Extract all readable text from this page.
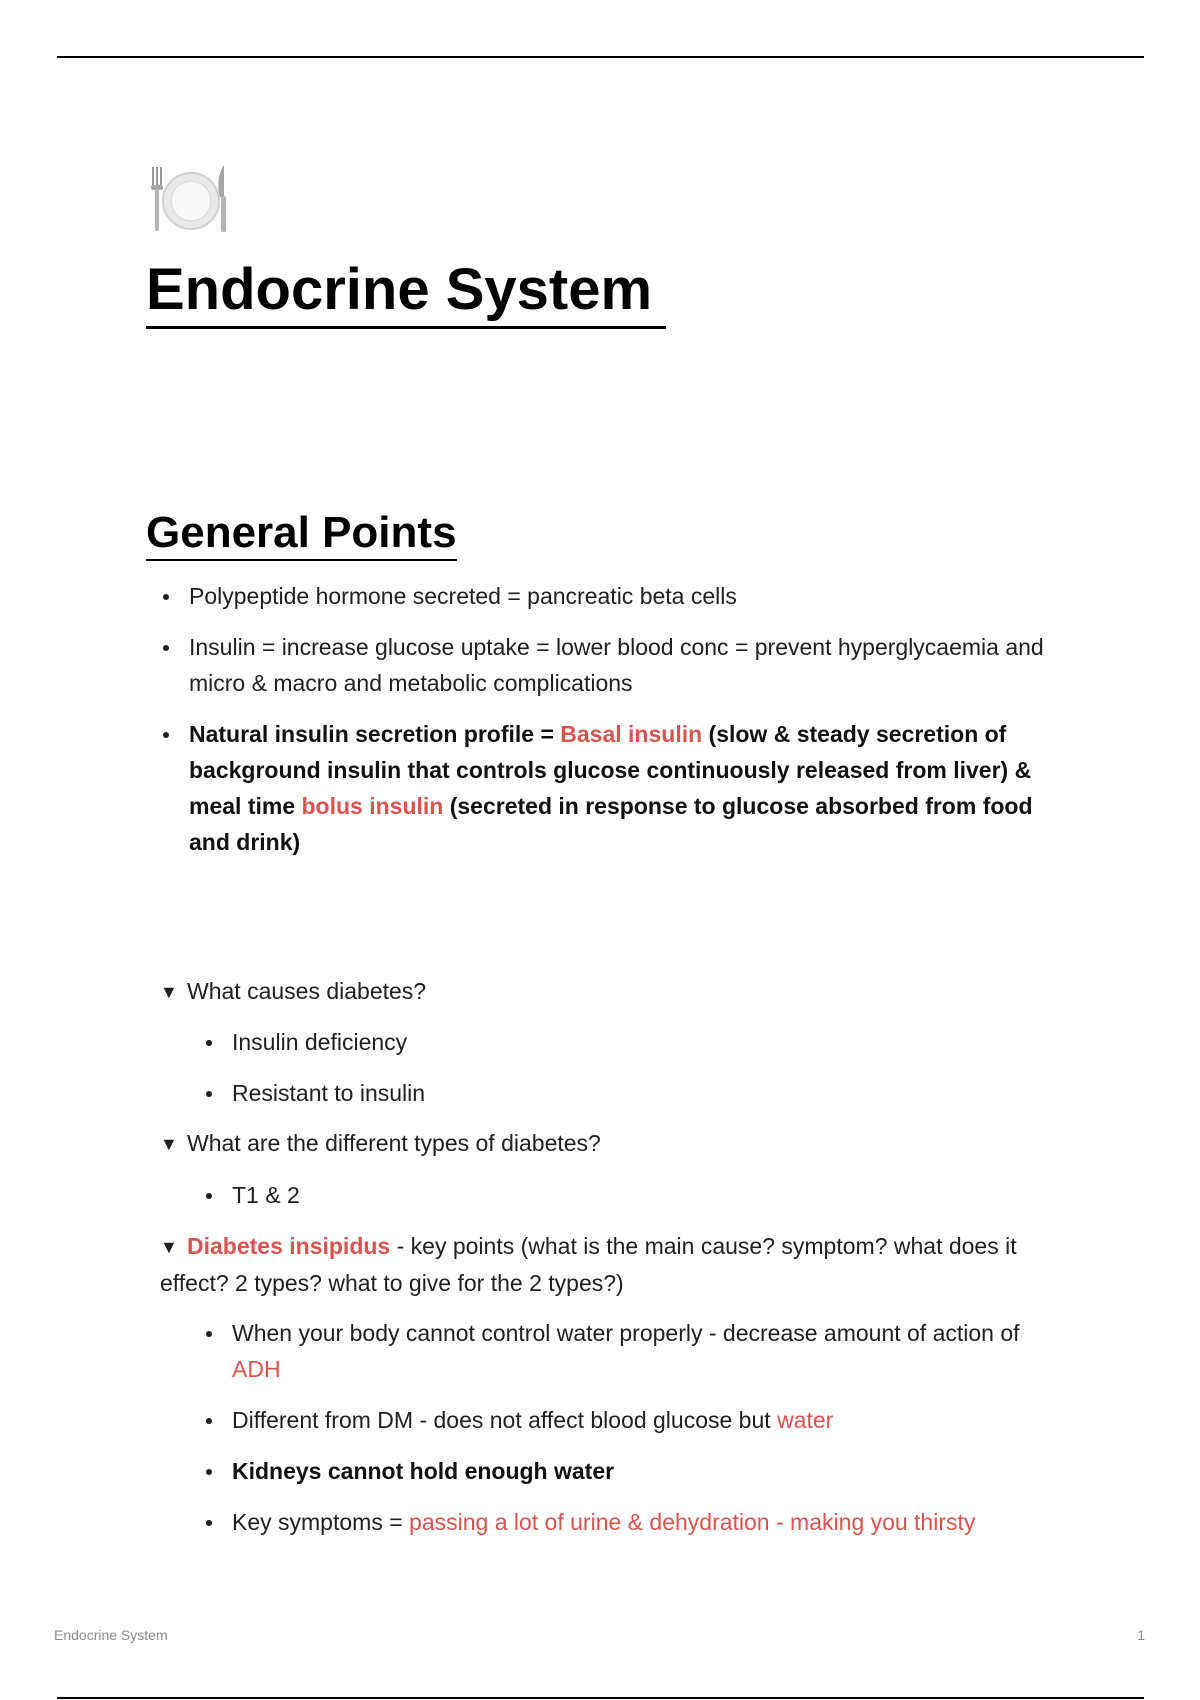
Endocrine System
General Points
Polypeptide hormone secreted = pancreatic beta cells
Insulin = increase glucose uptake = lower blood conc = prevent hyperglycaemia and micro & macro and metabolic complications
Natural insulin secretion profile = Basal insulin (slow & steady secretion of background insulin that controls glucose continuously released from liver) & meal time bolus insulin (secreted in response to glucose absorbed from food and drink)
▼ What causes diabetes?
Insulin deficiency
Resistant to insulin
▼ What are the different types of diabetes?
T1 & 2
▼ Diabetes insipidus - key points (what is the main cause? symptom? what does it effect? 2 types? what to give for the 2 types?)
When your body cannot control water properly - decrease amount of action of ADH
Different from DM - does not affect blood glucose but water
Kidneys cannot hold enough water
Key symptoms = passing a lot of urine & dehydration - making you thirsty
Endocrine System	1
